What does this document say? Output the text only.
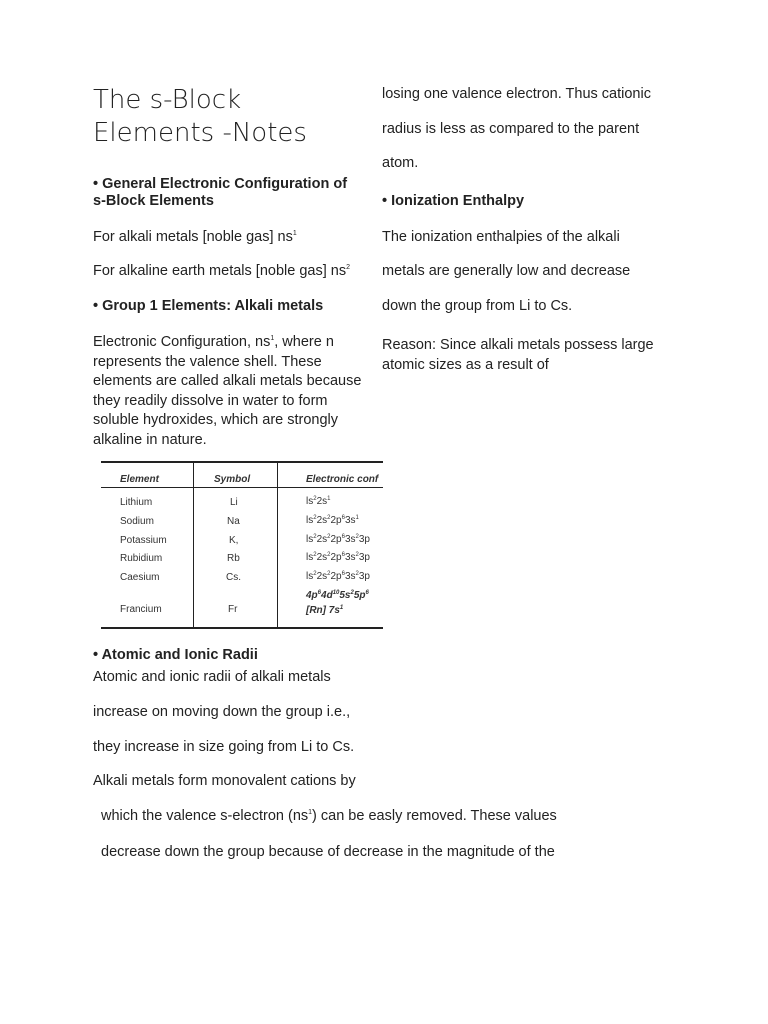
The s-Block
Elements -Notes
• General Electronic Configuration of
s-Block Elements
For alkali metals [noble gas] $ns^1$
For alkaline earth metals [noble gas] $ns^2$
• Group 1 Elements: Alkali metals
Electronic Configuration, $ns^1$, where n
represents the valence shell. These
elements are called alkali metals because
they readily dissolve in water to form
soluble hydroxides, which are strongly
alkaline in nature.
Element	Symbol	Electronic conf
Lithium	Li	$ls^22s^1$
Sodium	Na	$ls^22s^22p^63s^1$
Potassium	K,	$ls^22s^22p^63s^23p$
Rubidium	Rb	$ls^22s^22p^63s^23p$
Caesium	Cs.	$ls^22s^22p^63s^23p$
$4p^64d^{10}5s^25p^6$
Francium	Fr	[Rn] $7s^1$
• Atomic and Ionic Radii
Atomic and ionic radii of alkali metals
increase on moving down the group i.e.,
they increase in size going from Li to Cs.
Alkali metals form monovalent cations by
which the valence s-electron $(ns^1)$ can be easly removed. These values
decrease down the group because of decrease in the magnitude of the
losing one valence electron. Thus cationic
radius is less as compared to the parent
atom.
• Ionization Enthalpy
The ionization enthalpies of the alkali
metals are generally low and decrease
down the group from Li to Cs.
Reason: Since alkali metals possess large
atomic sizes as a result of
